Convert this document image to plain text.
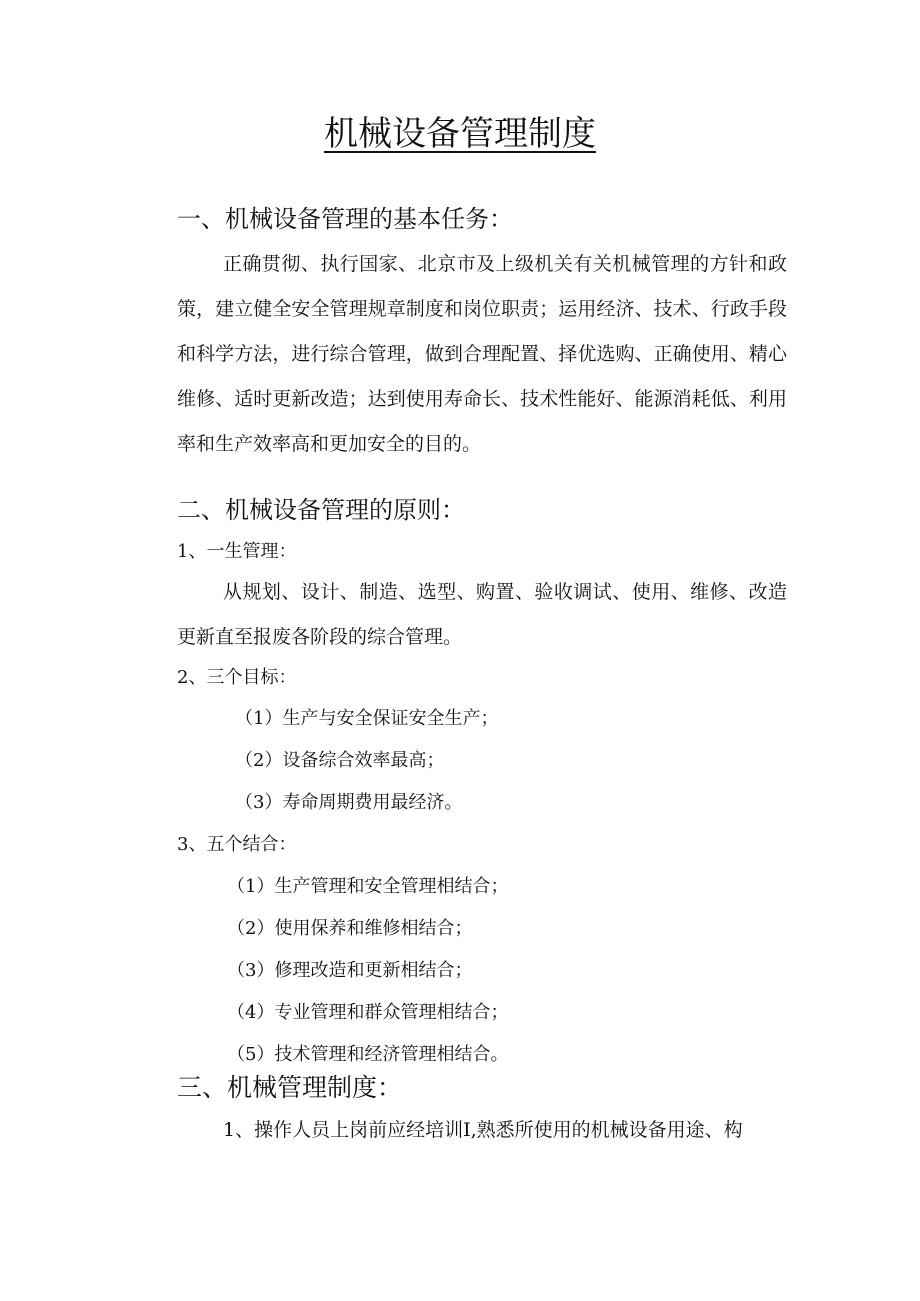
机械设备管理制度
一、机械设备管理的基本任务：
正确贯彻、执行国家、北京市及上级机关有关机械管理的方针和政策，建立健全安全管理规章制度和岗位职责；运用经济、技术、行政手段和科学方法，进行综合管理，做到合理配置、择优选购、正确使用、精心维修、适时更新改造；达到使用寿命长、技术性能好、能源消耗低、利用率和生产效率高和更加安全的目的。
二、机械设备管理的原则：
1、一生管理：
从规划、设计、制造、选型、购置、验收调试、使用、维修、改造更新直至报废各阶段的综合管理。
2、三个目标：
（1）生产与安全保证安全生产；
（2）设备综合效率最高；
（3）寿命周期费用最经济。
3、五个结合：
（1）生产管理和安全管理相结合；
（2）使用保养和维修相结合；
（3）修理改造和更新相结合；
（4）专业管理和群众管理相结合；
（5）技术管理和经济管理相结合。
三、机械管理制度：
1、操作人员上岗前应经培训I,熟悉所使用的机械设备用途、构
